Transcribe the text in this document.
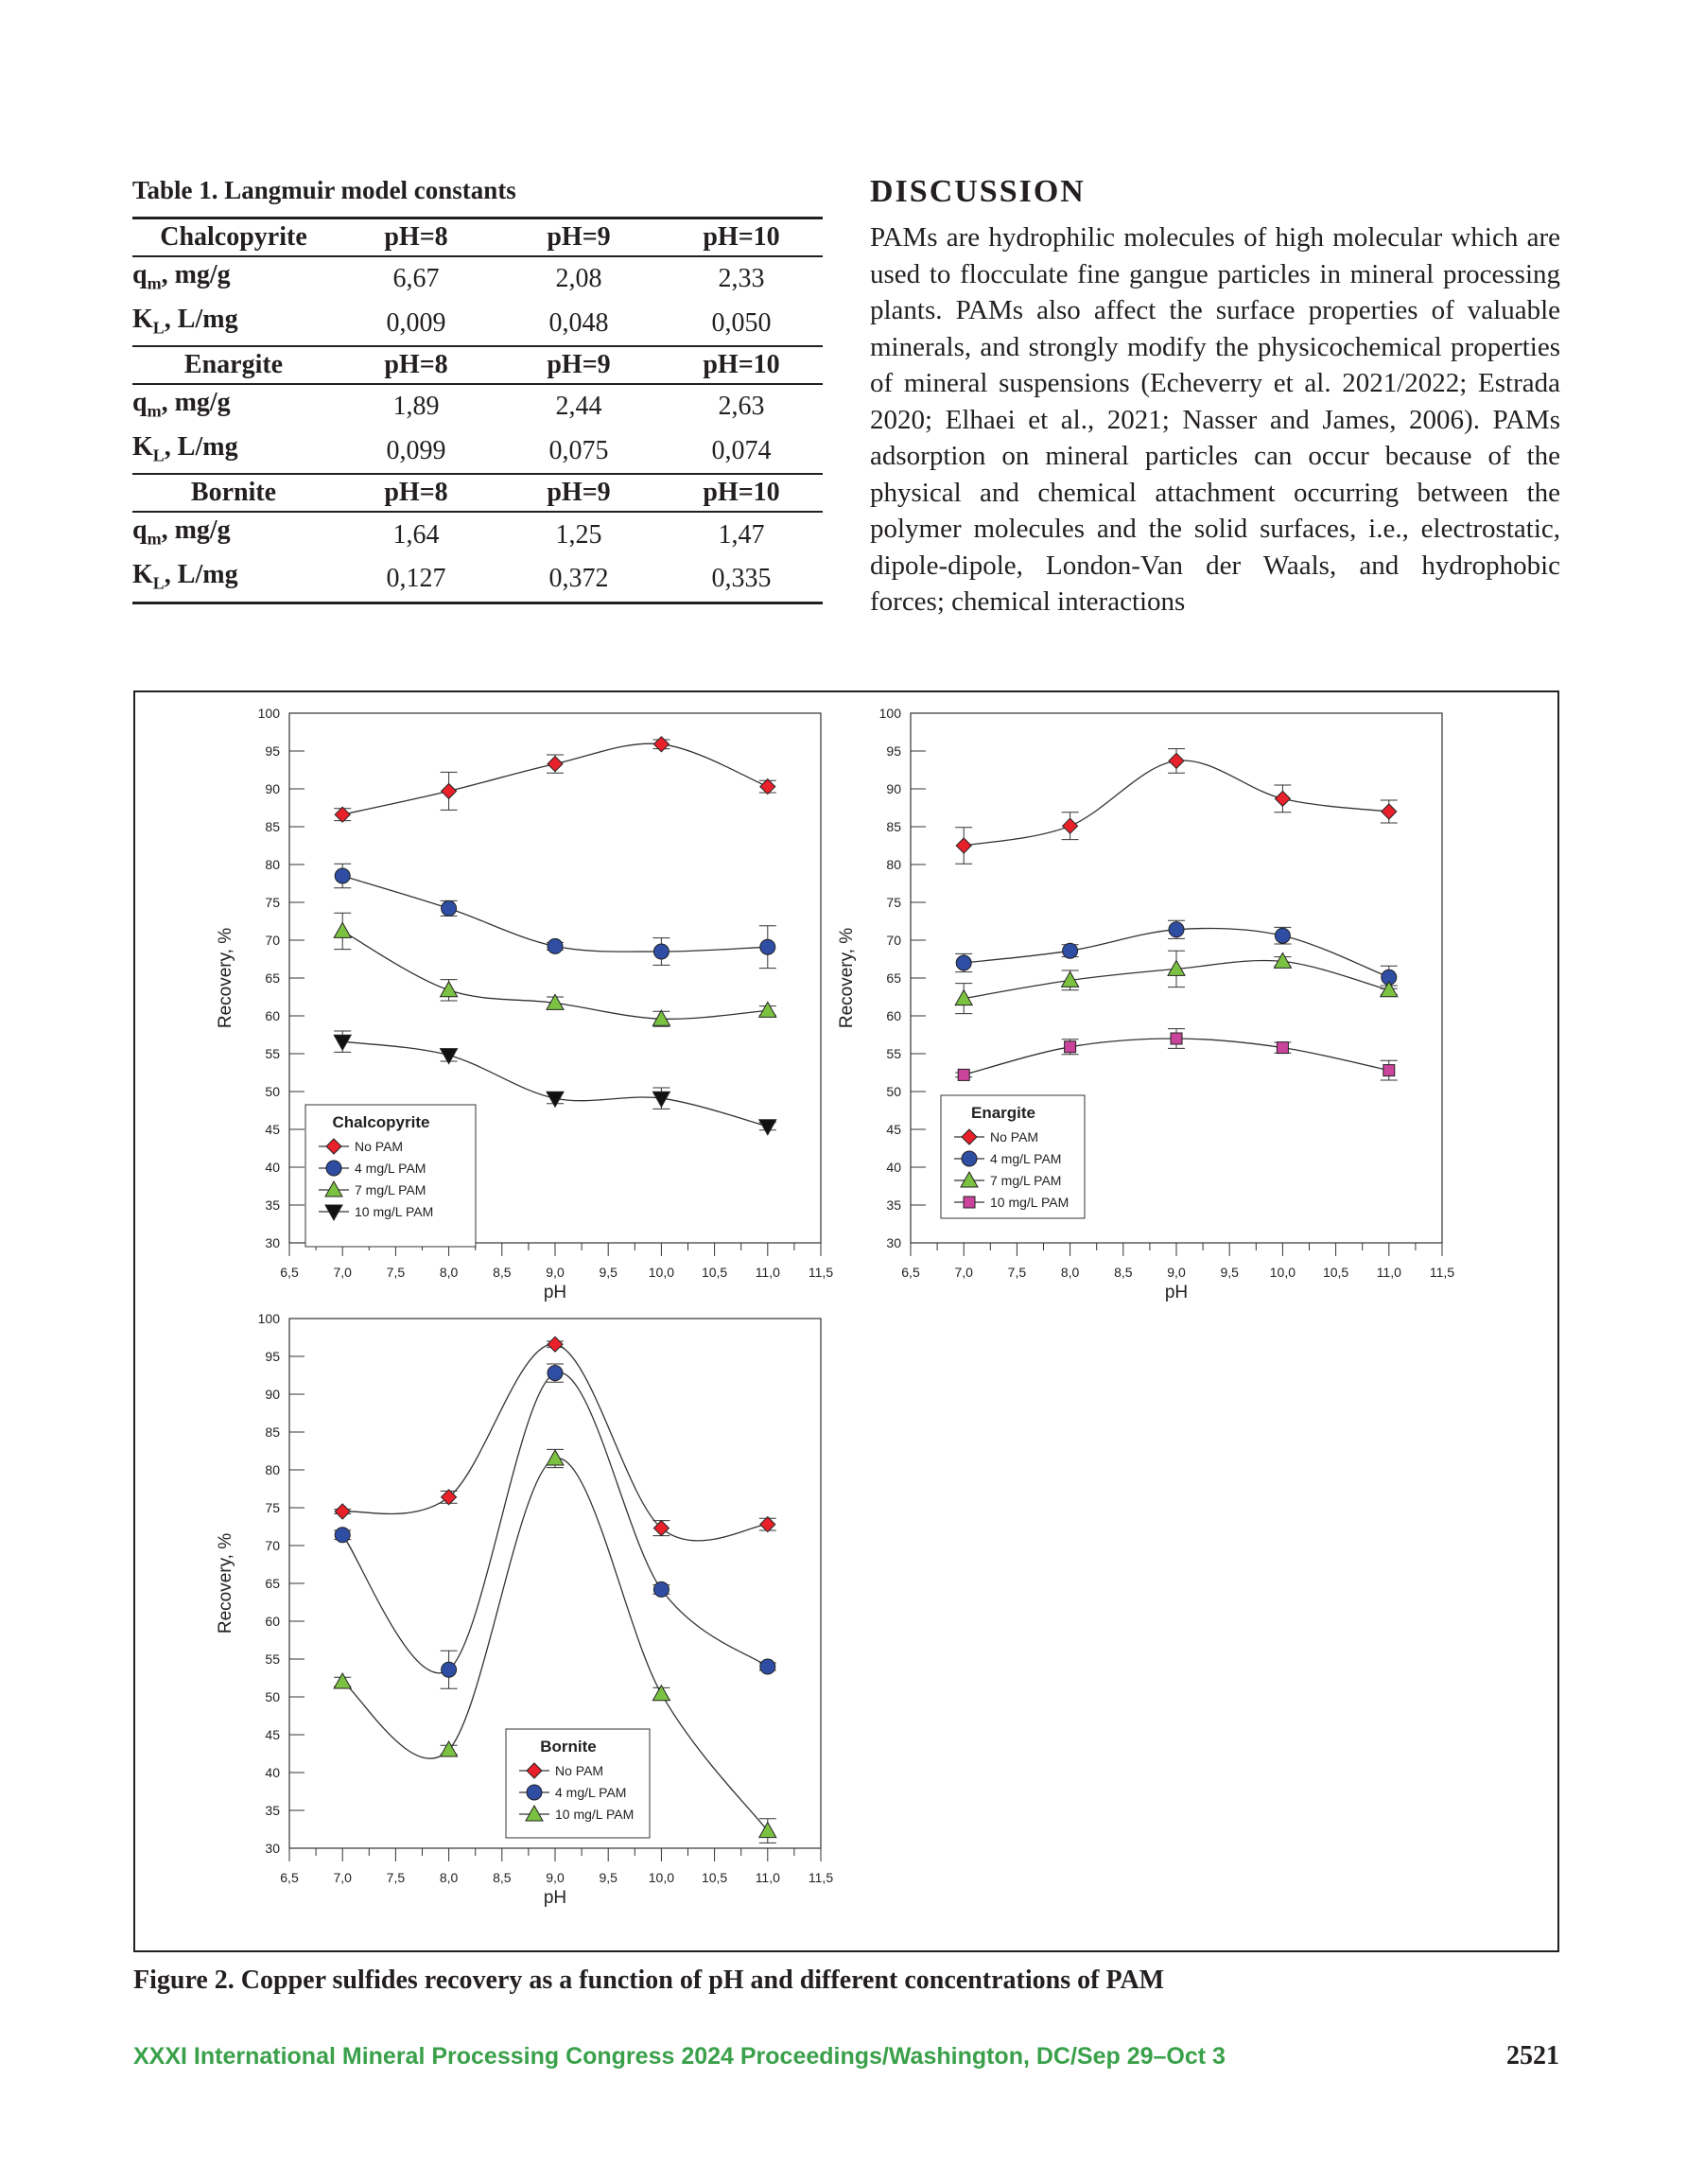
Table 1. Langmuir model constants
Chalcopyrite	pH=8	pH=9	pH=10
$q_m$, mg/g	6,67	2,08	2,33
$K_L$, L/mg	0,009	0,048	0,050
Enargite	pH=8	pH=9	pH=10
$q_m$, mg/g	1,89	2,44	2,63
$K_L$, L/mg	0,099	0,075	0,074
Bornite	pH=8	pH=9	pH=10
$q_m$, mg/g	1,64	1,25	1,47
$K_L$, L/mg	0,127	0,372	0,335
DISCUSSION

PAMs are hydrophilic molecules of high molecular which are used to flocculate fine gangue particles in mineral processing plants. PAMs also affect the surface properties of valuable minerals, and strongly modify the physicochemical properties of mineral suspensions (Echeverry et al. 2021/2022; Estrada 2020; Elhaei et al., 2021; Nasser and James, 2006). PAMs adsorption on mineral particles can occur because of the physical and chemical attachment occurring between the polymer molecules and the solid surfaces, i.e., electrostatic, dipole-dipole, London-Van der Waals, and hydrophobic forces; chemical interactions

30
35
40
45
50
55
60
65
70
75
80
85
90
95
100
6,5	7,0	7,5	8,0	8,5	9,0	9,5 10,0 10,5 11,0 11,5
pH
Recovery, %
Chalcopyrite
No PAM
4 mg/L PAM
7 mg/L PAM
10 mg/L PAM
30
35
40
45
50
55
60
65
70
75
80
85
90
95
100
6,5	7,0	7,5	8,0	8,5	9,0	9,5 10,0 10,5 11,0 11,5
pH
Recovery, %
Enargite
No PAM
4 mg/L PAM
7 mg/L PAM
10 mg/L PAM
30
35
40
45
50
55
60
65
70
75
80
85
90
95
100
6,5	7,0	7,5	8,0	8,5	9,0	9,5 10,0 10,5 11,0 11,5
pH
Recovery, %
Bornite
No PAM
4 mg/L PAM
10 mg/L PAM
Figure 2. Copper sulfides recovery as a function of pH and different concentrations of PAM
XXXI International Mineral Processing Congress 2024 Proceedings/Washington, DC/Sep 29–Oct 3	2521
